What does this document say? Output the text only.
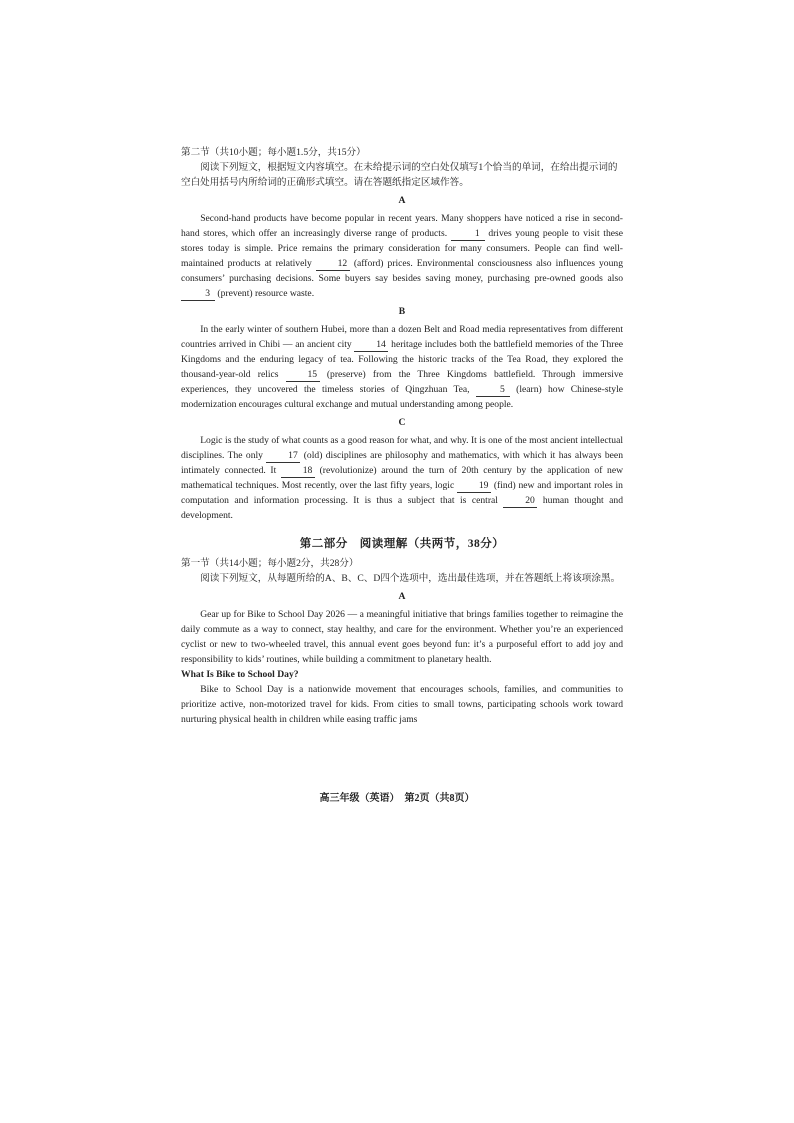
第二节（共10小题；每小题1.5分，共15分）

阅读下列短文，根据短文内容填空。在未给提示词的空白处仅填写1个恰当的单词，在给出提示词的空白处用括号内所给词的正确形式填空。请在答题纸指定区域作答。

A

Second-hand products have become popular in recent years. Many shoppers have noticed a rise in second-hand stores, which offer an increasingly diverse range of products.	1 drives young people to visit these stores today is simple. Price remains the primary consideration for many consumers. People can find well-maintained products at relatively	12 (afford) prices. Environmental consciousness also influences young consumers’ purchasing decisions. Some buyers say besides saving money, purchasing pre-owned goods also 3 (prevent) resource waste.

B

In the early winter of southern Hubei, more than a dozen Belt and Road media representatives from different countries arrived in Chibi — an ancient city	14 heritage includes both the battlefield memories of the Three Kingdoms and the enduring legacy of tea. Following the historic tracks of the Tea Road, they explored the thousand-year-old relics	15 (preserve) from the Three Kingdoms battlefield. Through immersive experiences, they uncovered the timeless stories of Qingzhuan Tea,	5 (learn) how Chinese-style modernization encourages cultural exchange and mutual understanding among people.

C

Logic is the study of what counts as a good reason for what, and why. It is one of the most ancient intellectual disciplines. The only	17 (old) disciplines are philosophy and mathematics, with which it has always been intimately connected. It	18 (revolutionize) around the turn of 20th century by the application of new mathematical techniques. Most recently, over the last fifty years, logic	19 (find) new and important roles in computation and information processing. It is thus a subject that is central	20 human thought and development.

第二部分　阅读理解（共两节，38分）

第一节（共14小题；每小题2分，共28分）

阅读下列短文，从每题所给的A、B、C、D四个选项中，选出最佳选项，并在答题纸上将该项涂黑。

A

Gear up for Bike to School Day 2026 — a meaningful initiative that brings families together to reimagine the daily commute as a way to connect, stay healthy, and care for the environment. Whether you’re an experienced cyclist or new to two-wheeled travel, this annual event goes beyond fun: it’s a purposeful effort to add joy and responsibility to kids’ routines, while building a commitment to planetary health.

What Is Bike to School Day?

Bike to School Day is a nationwide movement that encourages schools, families, and communities to prioritize active, non-motorized travel for kids. From cities to small towns, participating schools work toward nurturing physical health in children while easing traffic jams

高三年级（英语）　第2页（共8页）
